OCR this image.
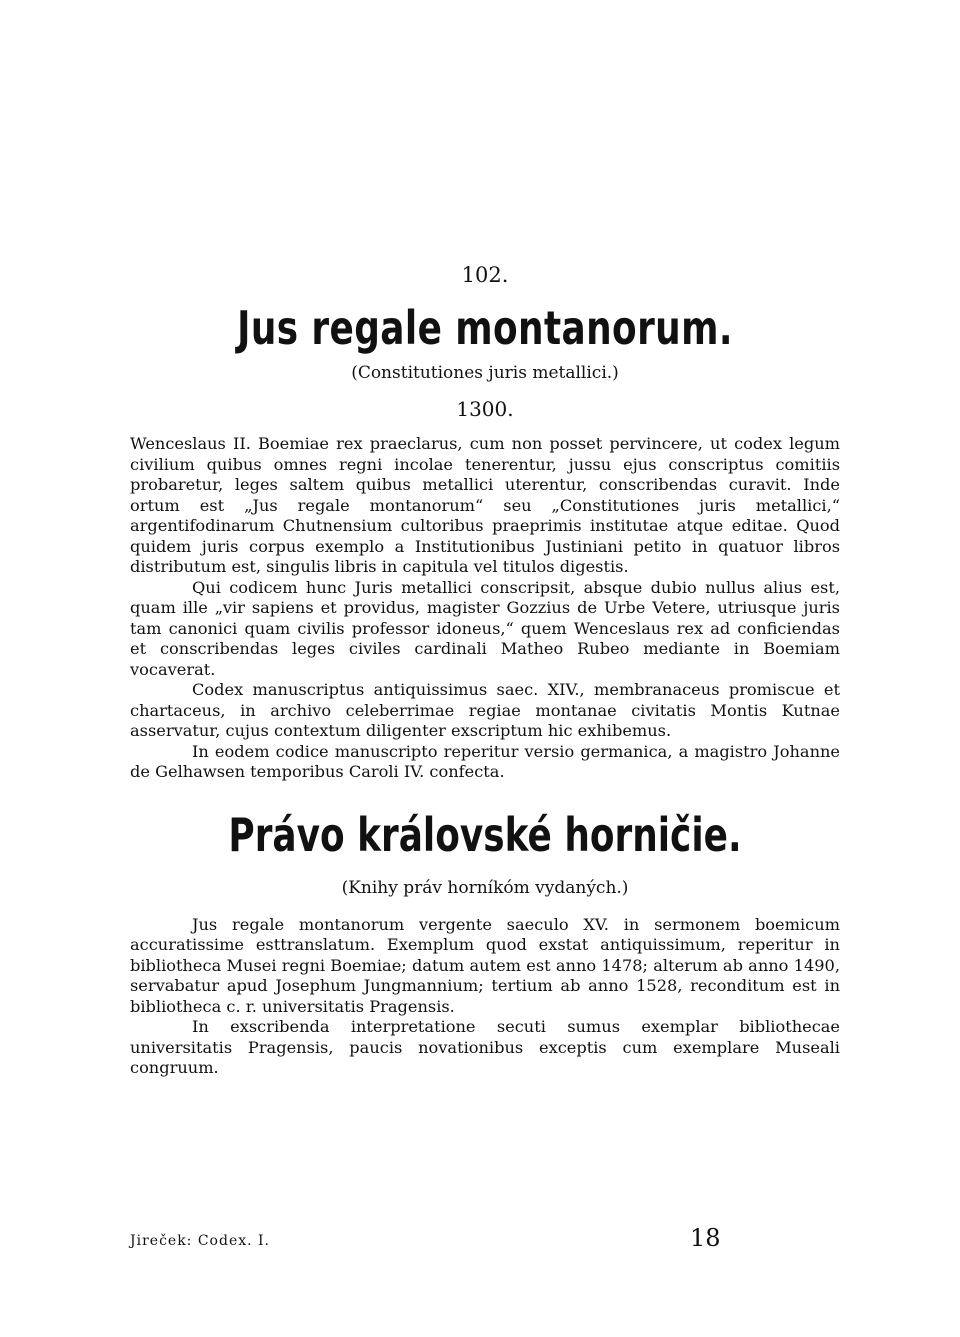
102.
Jus regale montanorum.
(Constitutiones juris metallici.)
1300.

Wenceslaus II. Boemiae rex praeclarus, cum non posset pervincere, ut codex legum civilium quibus omnes regni incolae tenerentur, jussu ejus conscriptus comitiis probaretur, leges saltem quibus metallici uterentur, conscribendas curavit. Inde ortum est „Jus regale montanorum“ seu „Constitutiones juris metallici,“ argentifodinarum Chutnensium cultoribus praeprimis institutae atque editae. Quod quidem juris corpus exemplo a Institutionibus Justiniani petito in quatuor libros distributum est, singulis libris in capitula vel titulos digestis.

Qui codicem hunc Juris metallici conscripsit, absque dubio nullus alius est, quam ille „vir sapiens et providus, magister Gozzius de Urbe Vetere, utriusque juris tam canonici quam civilis professor idoneus,“ quem Wenceslaus rex ad conficiendas et conscribendas leges civiles cardinali Matheo Rubeo mediante in Boemiam vocaverat.

Codex manuscriptus antiquissimus saec. XIV., membranaceus promiscue et chartaceus, in archivo celeberrimae regiae montanae civitatis Montis Kutnae asservatur, cujus contextum diligenter exscriptum hic exhibemus.

In eodem codice manuscripto reperitur versio germanica, a magistro Johanne de Gelhawsen temporibus Caroli IV. confecta.

Právo královské horničie.
(Knihy práv horníkóm vydaných.)

Jus regale montanorum vergente saeculo XV. in sermonem boemicum accuratissime esttranslatum. Exemplum quod exstat antiquissimum, reperitur in bibliotheca Musei regni Boemiae; datum autem est anno 1478; alterum ab anno 1490, servabatur apud Josephum Jungmannium; tertium ab anno 1528, reconditum est in bibliotheca c. r. universitatis Pragensis.

In exscribenda interpretatione secuti sumus exemplar bibliothecae universitatis Pragensis, paucis novationibus exceptis cum exemplare Museali congruum.

Jireček: Codex. I.	18
